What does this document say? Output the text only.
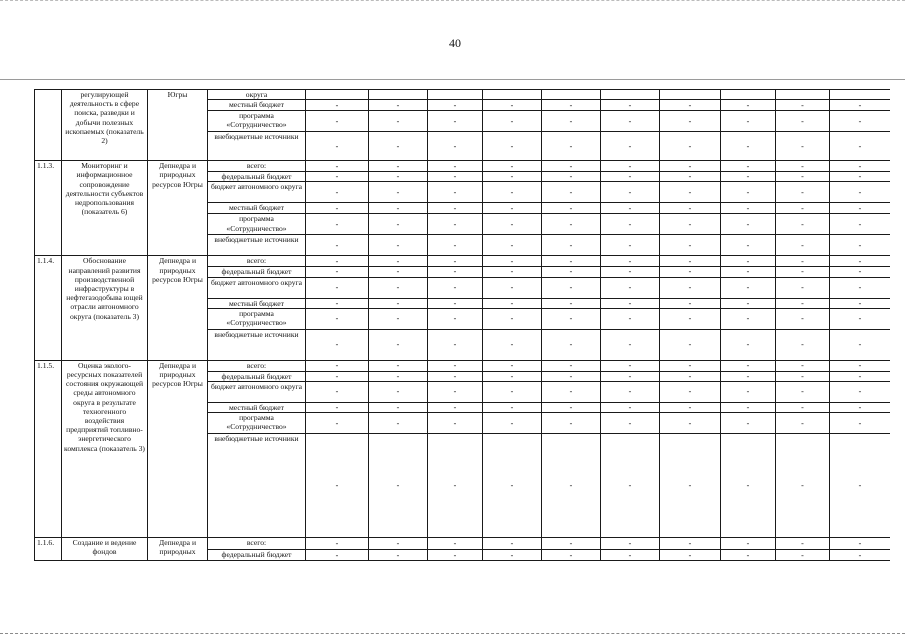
40
	регулирующей деятельность в сфере поиска, разведки и добычи полезных ископаемых (показатель 2)	Югры	округа										
			местный бюджет	-	-	-	-	-	-	-	-	-	-
			программа «Сотрудничество»	-	-	-	-	-	-	-	-	-	-
			внебюджетные источники	-	-	-	-	-	-	-	-	-	-
1.1.3.	Мониторинг и информационное сопровождение деятельности субъектов недропользования (показатель 6)	Депнедра и природных ресурсов Югры	всего:	-	-	-	-	-	-	-	-	-	-
			федеральный бюджет	-	-	-	-	-	-	-	-	-	-
			бюджет автономного округа	-	-	-	-	-	-	-	-	-	-
			местный бюджет	-	-	-	-	-	-	-	-	-	-
			программа «Сотрудничество»	-	-	-	-	-	-	-	-	-	-
			внебюджетные источники	-	-	-	-	-	-	-	-	-	-
1.1.4.	Обоснование направлений развития производственной инфраструктуры в нефтегазодобыва ющей отрасли автономного округа (показатель 3)	Депнедра и природных ресурсов Югры	всего:	-	-	-	-	-	-	-	-	-	-
			федеральный бюджет	-	-	-	-	-	-	-	-	-	-
			бюджет автономного округа	-	-	-	-	-	-	-	-	-	-
			местный бюджет	-	-	-	-	-	-	-	-	-	-
			программа «Сотрудничество»	-	-	-	-	-	-	-	-	-	-
			внебюджетные источники	-	-	-	-	-	-	-	-	-	-
1.1.5.	Оценка эколого-ресурсных показателей состояния окружающей среды автономного округа в результате техногенного воздействия предприятий топливно-энергетического комплекса (показатель 3)	Депнедра и природных ресурсов Югры	всего:	-	-	-	-	-	-	-	-	-	-
			федеральный бюджет	-	-	-	-	-	-	-	-	-	-
			бюджет автономного округа	-	-	-	-	-	-	-	-	-	-
			местный бюджет	-	-	-	-	-	-	-	-	-	-
			программа «Сотрудничество»	-	-	-	-	-	-	-	-	-	-
			внебюджетные источники	-	-	-	-	-	-	-	-	-	-
1.1.6.	Создание и ведение фондов	Депнедра и природных	всего:	-	-	-	-	-	-	-	-	-	-
			федеральный бюджет	-	-	-	-	-	-	-	-	-	-
